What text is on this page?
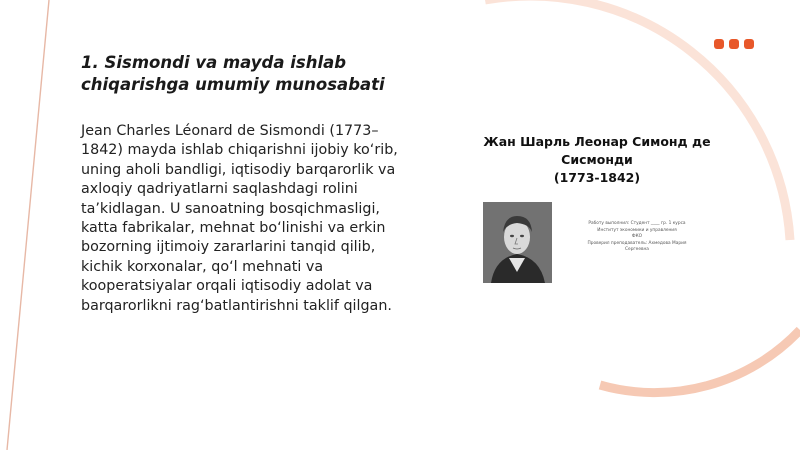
1. Sismondi va mayda ishlab chiqarishga umumiy munosabati
Jean Charles Léonard de Sismondi (1773–1842) mayda ishlab chiqarishni ijobiy ko‘rib, uning aholi bandligi, iqtisodiy barqarorlik va axloqiy qadriyatlarni saqlashdagi rolini ta’kidlagan. U sanoatning bosqichmasligi, katta fabrikalar, mehnat bo‘linishi va erkin bozorning ijtimoiy zararlarini tanqid qilib, kichik korxonalar, qo‘l mehnati va kooperatsiyalar orqali iqtisodiy adolat va barqarorlikni rag‘batlantirishni taklif qilgan.
Жан Шарль Леонар Симонд де
Сисмонди
(1773-1842)
Работу выполнил: Студент ____ гр. 1 курса
Институт экономики и управления
ФКО
Проверил преподаватель: Ахмедова Мария
Сергеевна
